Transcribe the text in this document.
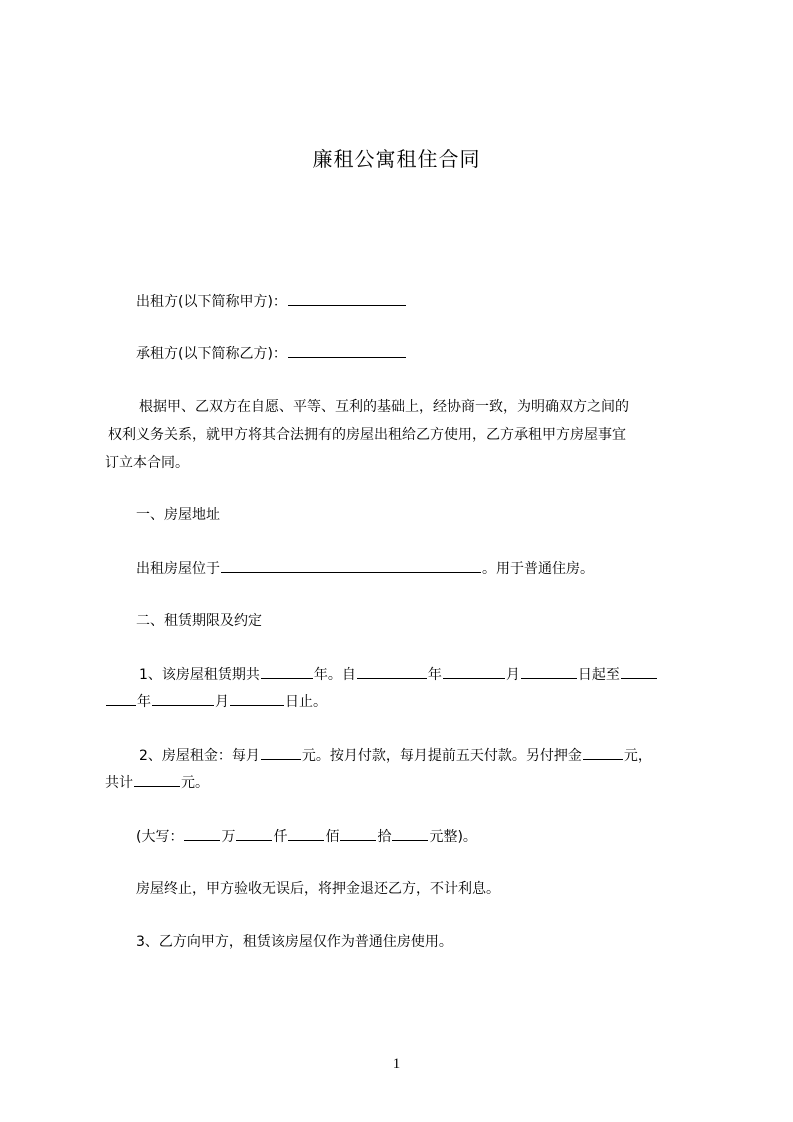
廉租公寓租住合同
出租方(以下简称甲方)：
承租方(以下简称乙方)：
根据甲、乙双方在自愿、平等、互利的基础上，经协商一致，为明确双方之间的
权利义务关系，就甲方将其合法拥有的房屋出租给乙方使用，乙方承租甲方房屋事宜
订立本合同。
一、房屋地址
出租房屋位于	。用于普通住房。
二、租赁期限及约定
1、该房屋租赁期共	年。自	年	月	日起至
年	月	日止。
2、房屋租金：每月	元。按月付款，每月提前五天付款。另付押金	元，
共计	元。
(大写：	万	仟	佰	拾	元整)。
房屋终止，甲方验收无误后，将押金退还乙方，不计利息。
3、乙方向甲方，租赁该房屋仅作为普通住房使用。
1
